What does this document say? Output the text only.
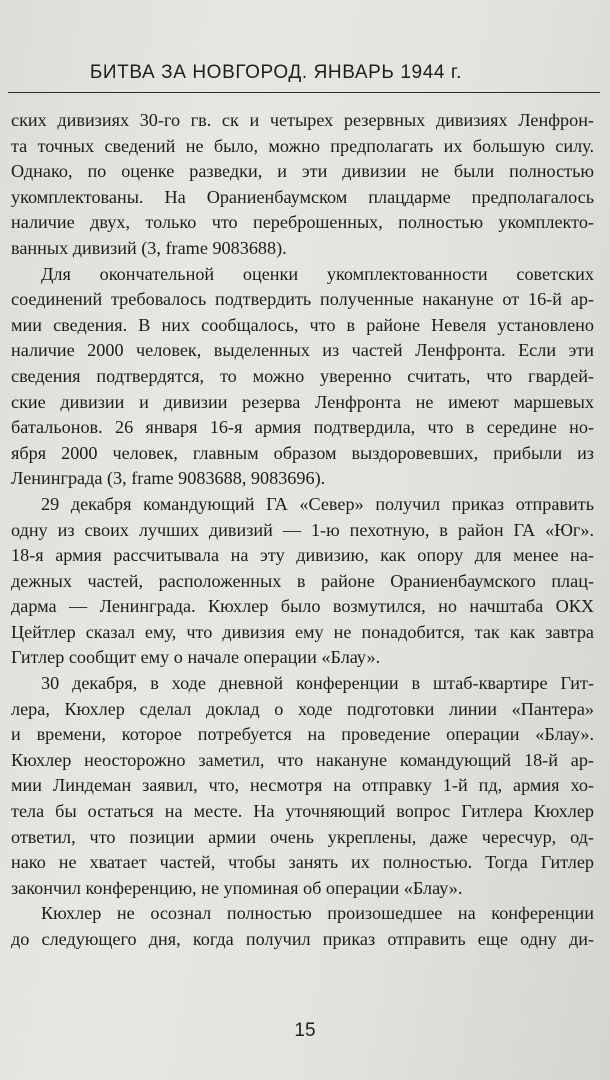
БИТВА ЗА НОВГОРОД. ЯНВАРЬ 1944 г.
ских дивизиях 30-го гв. ск и четырех резервных дивизиях Ленфрон-
та точных сведений не было, можно предполагать их большую силу.
Однако, по оценке разведки, и эти дивизии не были полностью
укомплектованы. На Ораниенбаумском плацдарме предполагалось
наличие двух, только что переброшенных, полностью укомплекто-
ванных дивизий (3, frame 9083688).
Для окончательной оценки укомплектованности советских
соединений требовалось подтвердить полученные накануне от 16-й ар-
мии сведения. В них сообщалось, что в районе Невеля установлено
наличие 2000 человек, выделенных из частей Ленфронта. Если эти
сведения подтвердятся, то можно уверенно считать, что гвардей-
ские дивизии и дивизии резерва Ленфронта не имеют маршевых
батальонов. 26 января 16-я армия подтвердила, что в середине но-
ября 2000 человек, главным образом выздоровевших, прибыли из
Ленинграда (3, frame 9083688, 9083696).
29 декабря командующий ГА «Север» получил приказ отправить
одну из своих лучших дивизий — 1-ю пехотную, в район ГА «Юг».
18-я армия рассчитывала на эту дивизию, как опору для менее на-
дежных частей, расположенных в районе Ораниенбаумского плац-
дарма — Ленинграда. Кюхлер было возмутился, но начштаба ОКХ
Цейтлер сказал ему, что дивизия ему не понадобится, так как завтра
Гитлер сообщит ему о начале операции «Блау».
30 декабря, в ходе дневной конференции в штаб-квартире Гит-
лера, Кюхлер сделал доклад о ходе подготовки линии «Пантера»
и времени, которое потребуется на проведение операции «Блау».
Кюхлер неосторожно заметил, что накануне командующий 18-й ар-
мии Линдеман заявил, что, несмотря на отправку 1-й пд, армия хо-
тела бы остаться на месте. На уточняющий вопрос Гитлера Кюхлер
ответил, что позиции армии очень укреплены, даже чересчур, од-
нако не хватает частей, чтобы занять их полностью. Тогда Гитлер
закончил конференцию, не упоминая об операции «Блау».
Кюхлер не осознал полностью произошедшее на конференции
до следующего дня, когда получил приказ отправить еще одну ди-
15
